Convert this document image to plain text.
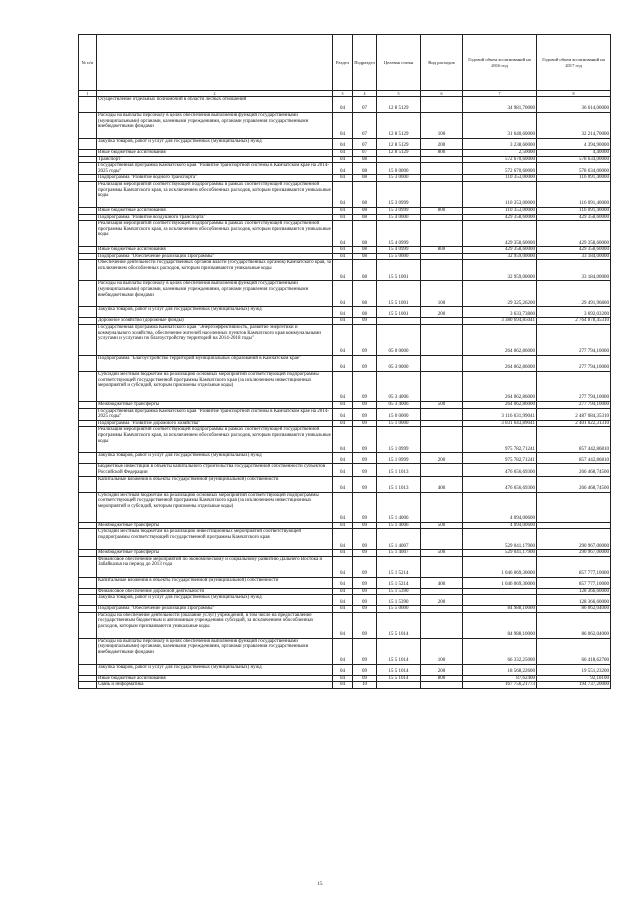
№ п/п		Раздел	Подраздел	Целевая статья	Вид расходов	Годовой объем ассигнований на 2016 год	Годовой объем ассигнований на 2017 год
1	2	3	4	5	6	7	8
	Осуществление отдельных полномочий в области лесных отношений	04	07	12 8 5129		34 981,70000	36 614,00000
	Расходы на выплаты персоналу в целях обеспечения выполнения функций государственными (муниципальными) органами, казенными учреждениями, органами управления государственными внебюджетными фондами	04	07	12 8 5129	100	31 640,60000	32 214,70000
	Закупка товаров, работ и услуг для государственных (муниципальных) нужд	04	07	12 8 5129	200	3 238,60000	4 394,90000
	Иные бюджетные ассигнования	04	07	12 8 5129	800	2,50000	4,40000
	Транспорт	04	08			572 670,60000	578 634,00000
	Государственная программа Камчатского края "Развитие транспортной системы в Камчатском крае на 2014-2025 годы"	04	08	15 0 0000		572 670,60000	578 634,00000
	Подпрограмма "Развитие водного транспорта"	04	08	15 3 0000		110 353,00000	116 091,40000
	Реализация мероприятий соответствующей подпрограммы в рамках соответствующей государственной программы Камчатского края, за исключением обособленных расходов, которым присваиваются уникальные коды	04	08	15 3 0999		110 353,00000	116 091,40000
	Иные бюджетные ассигнования	04	08	15 3 0999	800	110 353,00000	116 091,40000
	Подпрограмма "Развитие воздушного транспорта"	04	08	15 4 0000		429 358,60000	429 358,60000
	Реализация мероприятий соответствующей подпрограммы в рамках соответствующей государственной программы Камчатского края, за исключением обособленных расходов, которым присваиваются уникальные коды	04	08	15 4 0999		429 358,60000	429 358,60000
	Иные бюджетные ассигнования	04	08	15 4 0999	800	429 358,60000	429 358,60000
	Подпрограмма "Обеспечение реализации Программы"	04	08	15 5 0000		32 959,00000	33 184,00000
	Обеспечение деятельности государственных органов власти (государственных органов) Камчатского края, за исключением обособленных расходов, которым присваиваются уникальные коды	04	08	15 5 1001		32 959,00000	33 184,00000
	Расходы на выплаты персоналу в целях обеспечения выполнения функций государственными (муниципальными) органами, казенными учреждениями, органами управления государственными внебюджетными фондами	04	08	15 5 1001	100	29 325,26200	29 491,96800
	Закупка товаров, работ и услуг для государственных (муниципальных) нужд	04	08	15 5 1001	200	3 633,73800	3 692,03200
	Дорожное хозяйство (дорожные фонды)	04	09			3 380 694,85041	2 764 878,45310
	Государственная программа Камчатского края "Энергоэффективность, развитие энергетики и коммунального хозяйства, обеспечение жителей населенных пунктов Камчатского края коммунальными услугами и услугами по благоустройству территорий на 2014-2018 годы"	04	09	05 0 0000		264 062,86000	277 794,10000
	Подпрограмма "Благоустройство территорий муниципальных образований в Камчатском крае"	04	09	05 3 0000		264 062,86000	277 794,10000
	Субсидии местным бюджетам на реализацию основных мероприятий соответствующей подпрограммы соответствующей государственной программы Камчатского края (за исключением инвестиционных мероприятий и субсидий, которым присвоены отдельные коды)	04	09	05 3 4006		264 062,86000	277 794,10000
	Межбюджетные трансферты	04	09	05 3 4006	500	264 062,86000	277 794,10000
	Государственная программа Камчатского края "Развитие транспортной системы в Камчатском крае на 2014-2025 годы"	04	09	15 0 0000		3 116 631,99041	2 487 084,35310
	Подпрограмма "Развитие дорожного хозяйства"	04	09	15 1 0000		3 031 643,89041	2 401 022,31310
	Реализация мероприятий соответствующей подпрограммы в рамках соответствующей государственной программы Камчатского края, за исключением обособленных расходов, которым присваиваются уникальные коды	04	09	15 1 0999		975 782,71241	857 442,86810
	Закупка товаров, работ и услуг для государственных (муниципальных) нужд	04	09	15 1 0999	200	975 782,71241	857 442,86810
	Бюджетные инвестиции в объекты капитального строительства государственной собственности субъектов Российской Федерации	04	09	15 1 1013		476 656,69300	266 468,74500
	Капитальные вложения в объекты государственной (муниципальной) собственности	04	09	15 1 1013	400	476 656,69300	266 468,74500
	Субсидии местным бюджетам на реализацию основных мероприятий соответствующей подпрограммы соответствующей государственной программы Камчатского края (за исключением инвестиционных мероприятий и субсидий, которым присвоены отдельные коды)	04	09	15 1 4006		4 094,00600	
	Межбюджетные трансферты	04	09	15 1 4006	500	4 094,00600	
	Субсидии местным бюджетам на реализацию инвестиционных мероприятий соответствующей подпрограммы соответствующей государственной программы Камчатского края	04	09	15 1 4007		529 041,17900	290 967,00000
	Межбюджетные трансферты	04	09	15 1 4007	500	529 041,17900	290 967,00000
	Финансовое обеспечение мероприятий по экономическому и социальному развитию Дальнего Востока и Забайкалья на период до 2013 года	04	09	15 1 5214		1 046 069,30000	857 777,10000
	Капитальные вложения в объекты государственной (муниципальной) собственности	04	09	15 1 5214	400	1 046 069,30000	857 777,10000
	Финансовое обеспечение дорожной деятельности	04	09	15 1 5390			128 366,60000
	Закупка товаров, работ и услуг для государственных (муниципальных) нужд	04	09	15 1 5390	200		128 366,60000
	Подпрограмма "Обеспечение реализации Программы"	04	09	15 5 0000		84 988,10000	86 062,04000
	Расходы на обеспечение деятельности (оказание услуг) учреждений, в том числе на предоставление государственным бюджетным и автономным учреждениям субсидий, за исключением обособленных расходов, которым присваиваются уникальные коды	04	09	15 5 1014		84 988,10000	86 062,04000
	Расходы на выплаты персоналу в целях обеспечения выполнения функций государственными (муниципальными) органами, казенными учреждениями, органами управления государственными внебюджетными фондами	04	09	15 5 1014	100	66 332,25000	66 418,62700
	Закупка товаров, работ и услуг для государственных (муниципальных) нужд	04	09	15 5 1014	200	18 568,22600	19 551,23200
	Иные бюджетные ассигнования	04	09	15 5 1014	800	87,62400	92,18100
	Связь и информатика	04	10			167 756,21773	194 737,20000
15
